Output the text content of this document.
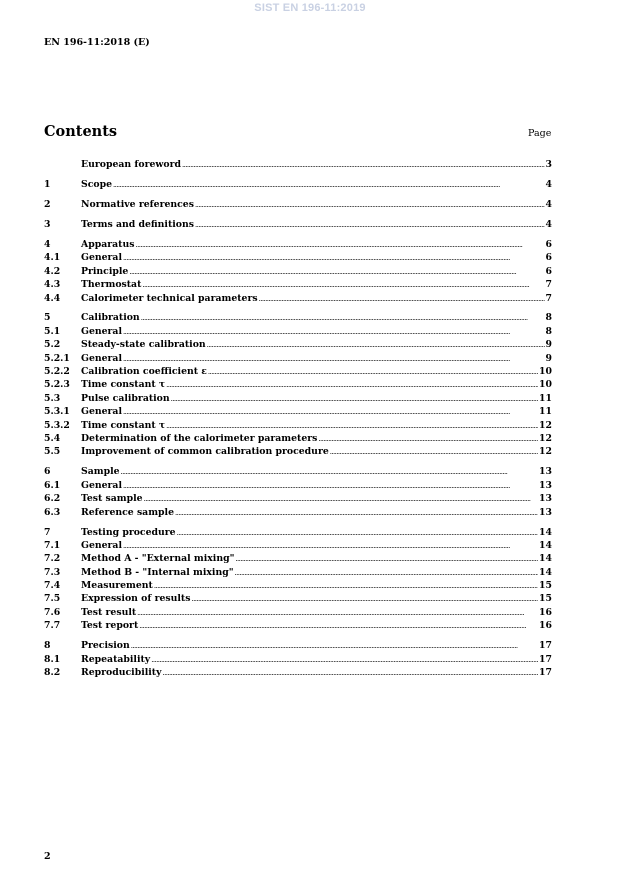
SIST EN 196-11:2019
EN 196-11:2018 (E)
Contents	Page
European foreword .....	3
1	Scope .....	4
2	Normative references .....	4
3	Terms and definitions .....	4
4	Apparatus .....	6
4.1	General .....	6
4.2	Principle .....	6
4.3	Thermostat .....	7
4.4	Calorimeter technical parameters .....	7
5	Calibration .....	8
5.1	General .....	8
5.2	Steady-state calibration .....	9
5.2.1	General .....	9
5.2.2	Calibration coefficient ε .....	10
5.2.3	Time constant τ .....	10
5.3	Pulse calibration .....	11
5.3.1	General .....	11
5.3.2	Time constant τ .....	12
5.4	Determination of the calorimeter parameters .....	12
5.5	Improvement of common calibration procedure .....	12
6	Sample .....	13
6.1	General .....	13
6.2	Test sample .....	13
6.3	Reference sample .....	13
7	Testing procedure .....	14
7.1	General .....	14
7.2	Method A - "External mixing" .....	14
7.3	Method B - "Internal mixing" .....	14
7.4	Measurement .....	15
7.5	Expression of results .....	15
7.6	Test result .....	16
7.7	Test report .....	16
8	Precision .....	17
8.1	Repeatability .....	17
8.2	Reproducibility .....	17
2
